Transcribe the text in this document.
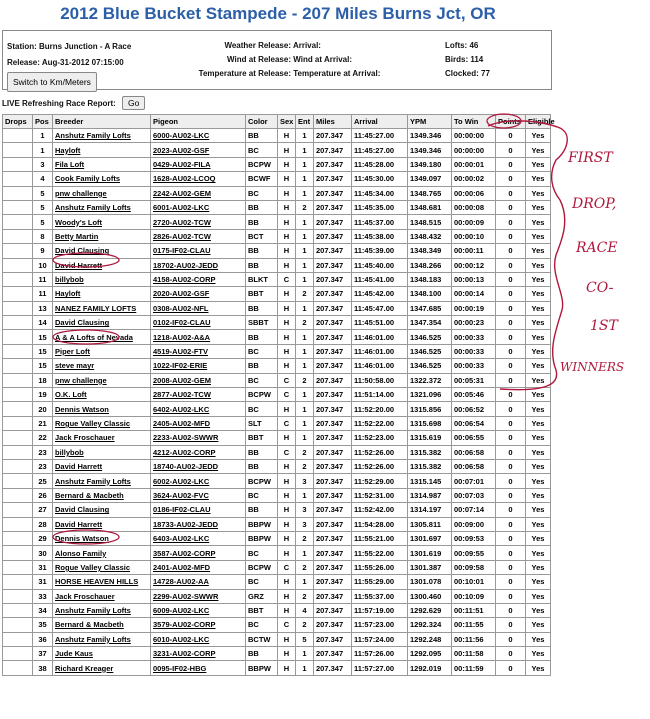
2012 Blue Bucket Stampede - 207 Miles Burns Jct, OR
Station: Burns Junction - A Race
Release: Aug-31-2012 07:15:00
Switch to Km/Meters
Weather Release: Arrival:
Wind at Release: Wind at Arrival:
Temperature at Release: Temperature at Arrival:
Lofts: 46
Birds: 114
Clocked: 77
LIVE Refreshing Race Report: Go
Drops	Pos	Breeder	Pigeon	Color	Sex	Ent	Miles	Arrival	YPM	To Win	Points	Eligible
	1	Anshutz Family Lofts	6000-AU02-LKC	BB	H	1	207.347	11:45:27.00	1349.346	00:00:00	0	Yes
	1	Hayloft	2023-AU02-GSF	BC	H	1	207.347	11:45:27.00	1349.346	00:00:00	0	Yes
	3	Fila Loft	0429-AU02-FILA	BCPW	H	1	207.347	11:45:28.00	1349.180	00:00:01	0	Yes
	4	Cook Family Lofts	1628-AU02-LCOQ	BCWF	H	1	207.347	11:45:30.00	1349.097	00:00:02	0	Yes
	5	pnw challenge	2242-AU02-GEM	BC	H	1	207.347	11:45:34.00	1348.765	00:00:06	0	Yes
	5	Anshutz Family Lofts	6001-AU02-LKC	BB	H	2	207.347	11:45:35.00	1348.681	00:00:08	0	Yes
	5	Woody's Loft	2720-AU02-TCW	BB	H	1	207.347	11:45:37.00	1348.515	00:00:09	0	Yes
	8	Betty Martin	2826-AU02-TCW	BCT	H	1	207.347	11:45:38.00	1348.432	00:00:10	0	Yes
	9	David Clausing	0175-IF02-CLAU	BB	H	1	207.347	11:45:39.00	1348.349	00:00:11	0	Yes
	10	David Harrett	18702-AU02-JEDD	BB	H	1	207.347	11:45:40.00	1348.266	00:00:12	0	Yes
	11	billybob	4158-AU02-CORP	BLKT	C	1	207.347	11:45:41.00	1348.183	00:00:13	0	Yes
	11	Hayloft	2020-AU02-GSF	BBT	H	2	207.347	11:45:42.00	1348.100	00:00:14	0	Yes
	13	NANEZ FAMILY LOFTS	0308-AU02-NFL	BB	H	1	207.347	11:45:47.00	1347.685	00:00:19	0	Yes
	14	David Clausing	0102-IF02-CLAU	SBBT	H	2	207.347	11:45:51.00	1347.354	00:00:23	0	Yes
	15	A & A Lofts of Nevada	1218-AU02-A&A	BB	H	1	207.347	11:46:01.00	1346.525	00:00:33	0	Yes
	15	Piper Loft	4519-AU02-FTV	BC	H	1	207.347	11:46:01.00	1346.525	00:00:33	0	Yes
	15	steve mayr	1022-IF02-ERIE	BB	H	1	207.347	11:46:01.00	1346.525	00:00:33	0	Yes
	18	pnw challenge	2008-AU02-GEM	BC	C	2	207.347	11:50:58.00	1322.372	00:05:31	0	Yes
	19	O.K. Loft	2877-AU02-TCW	BCPW	C	1	207.347	11:51:14.00	1321.096	00:05:46	0	Yes
	20	Dennis Watson	6402-AU02-LKC	BC	H	1	207.347	11:52:20.00	1315.856	00:06:52	0	Yes
	21	Rogue Valley Classic	2405-AU02-MFD	SLT	C	1	207.347	11:52:22.00	1315.698	00:06:54	0	Yes
	22	Jack Froschauer	2233-AU02-SWWR	BBT	H	1	207.347	11:52:23.00	1315.619	00:06:55	0	Yes
	23	billybob	4212-AU02-CORP	BB	C	2	207.347	11:52:26.00	1315.382	00:06:58	0	Yes
	23	David Harrett	18740-AU02-JEDD	BB	H	2	207.347	11:52:26.00	1315.382	00:06:58	0	Yes
	25	Anshutz Family Lofts	6002-AU02-LKC	BCPW	H	3	207.347	11:52:29.00	1315.145	00:07:01	0	Yes
	26	Bernard & Macbeth	3624-AU02-FVC	BC	H	1	207.347	11:52:31.00	1314.987	00:07:03	0	Yes
	27	David Clausing	0186-IF02-CLAU	BB	H	3	207.347	11:52:42.00	1314.197	00:07:14	0	Yes
	28	David Harrett	18733-AU02-JEDD	BBPW	H	3	207.347	11:54:28.00	1305.811	00:09:00	0	Yes
	29	Dennis Watson	6403-AU02-LKC	BBPW	H	2	207.347	11:55:21.00	1301.697	00:09:53	0	Yes
	30	Alonso Family	3587-AU02-CORP	BC	H	1	207.347	11:55:22.00	1301.619	00:09:55	0	Yes
	31	Rogue Valley Classic	2401-AU02-MFD	BCPW	C	2	207.347	11:55:26.00	1301.387	00:09:58	0	Yes
	31	HORSE HEAVEN HILLS	14728-AU02-AA	BC	H	1	207.347	11:55:29.00	1301.078	00:10:01	0	Yes
	33	Jack Froschauer	2299-AU02-SWWR	GRZ	H	2	207.347	11:55:37.00	1300.460	00:10:09	0	Yes
	34	Anshutz Family Lofts	6009-AU02-LKC	BBT	H	4	207.347	11:57:19.00	1292.629	00:11:51	0	Yes
	35	Bernard & Macbeth	3579-AU02-CORP	BC	C	2	207.347	11:57:23.00	1292.324	00:11:55	0	Yes
	36	Anshutz Family Lofts	6010-AU02-LKC	BCTW	H	5	207.347	11:57:24.00	1292.248	00:11:56	0	Yes
	37	Jude Kaus	3231-AU02-CORP	BB	H	1	207.347	11:57:26.00	1292.095	00:11:58	0	Yes
	38	Richard Kreager	0095-IF02-HBG	BBPW	H	1	207.347	11:57:27.00	1292.019	00:11:59	0	Yes
FIRST
DROP,
RACE
CO-
1ST
WINNERS
